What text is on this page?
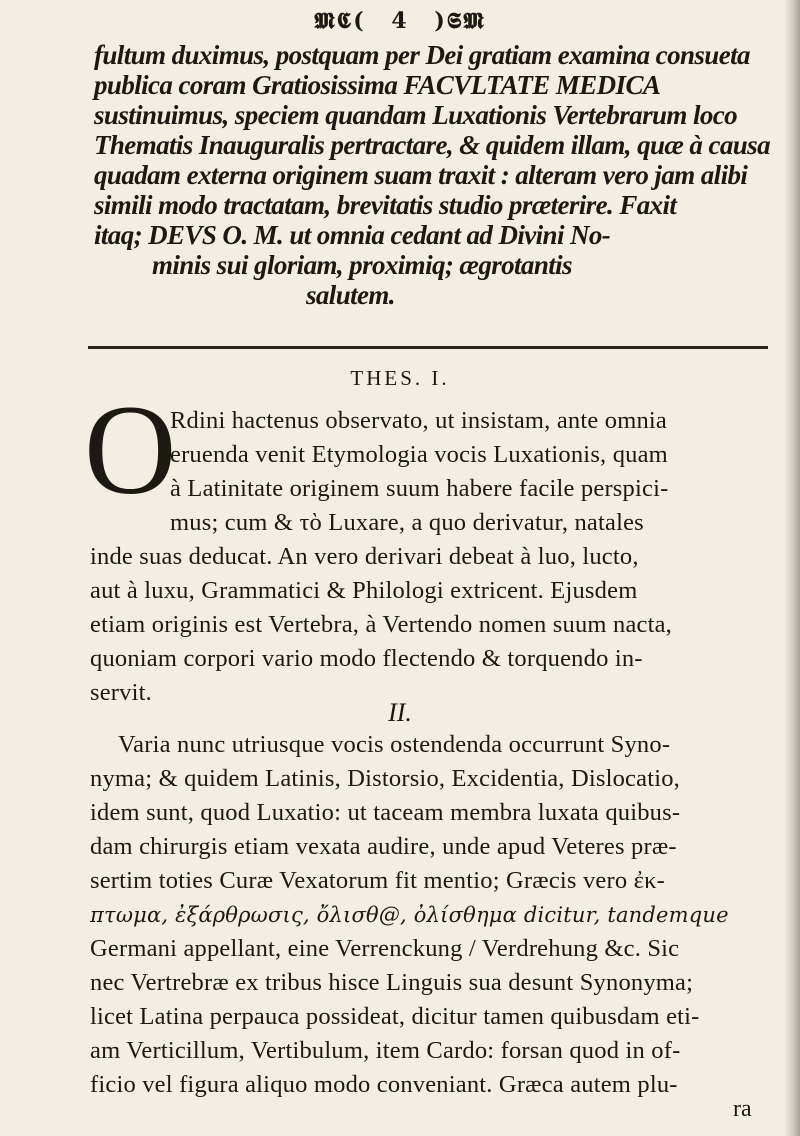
𝕸𝕮( 4 )𝕾𝕸
fultum duximus, postquam per Dei gratiam examina consueta
publica coram Gratiosissima FACVLTATE MEDICA
sustinuimus, speciem quandam Luxationis Vertebrarum loco
Thematis Inauguralis pertractare, & quidem illam, quæ à causa
quadam externa originem suam traxit : alteram vero jam alibi
simili modo tractatam, brevitatis studio præterire. Faxit
itaq; DEVS O. M. ut omnia cedant ad Divini No-
minis sui gloriam, proximiq; ægrotantis
salutem.
THES. I.
O
Rdini hactenus observato, ut insistam, ante omnia
eruenda venit Etymologia vocis Luxationis, quam
à Latinitate originem suum habere facile perspici-
mus; cum & τὸ Luxare, a quo derivatur, natales
inde suas deducat. An vero derivari debeat à luo, lucto,
aut à luxu, Grammatici & Philologi extricent. Ejusdem
etiam originis est Vertebra, à Vertendo nomen suum nacta,
quoniam corpori vario modo flectendo & torquendo in-
servit.
II.
Varia nunc utriusque vocis ostendenda occurrunt Syno-
nyma; & quidem Latinis, Distorsio, Excidentia, Dislocatio,
idem sunt, quod Luxatio: ut taceam membra luxata quibus-
dam chirurgis etiam vexata audire, unde apud Veteres præ-
sertim toties Curæ Vexatorum fit mentio; Græcis vero ἐκ-
πτωμα, ἐξάρθρωσις, ὄλισθ@, ὀλίσθημα dicitur, tandemque
Germani appellant, eine Verrenckung / Verdrehung &c. Sic
nec Vertrebræ ex tribus hisce Linguis sua desunt Synonyma;
licet Latina perpauca possideat, dicitur tamen quibusdam eti-
am Verticillum, Vertibulum, item Cardo: forsan quod in of-
ficio vel figura aliquo modo conveniant. Græca autem plu-
ra
